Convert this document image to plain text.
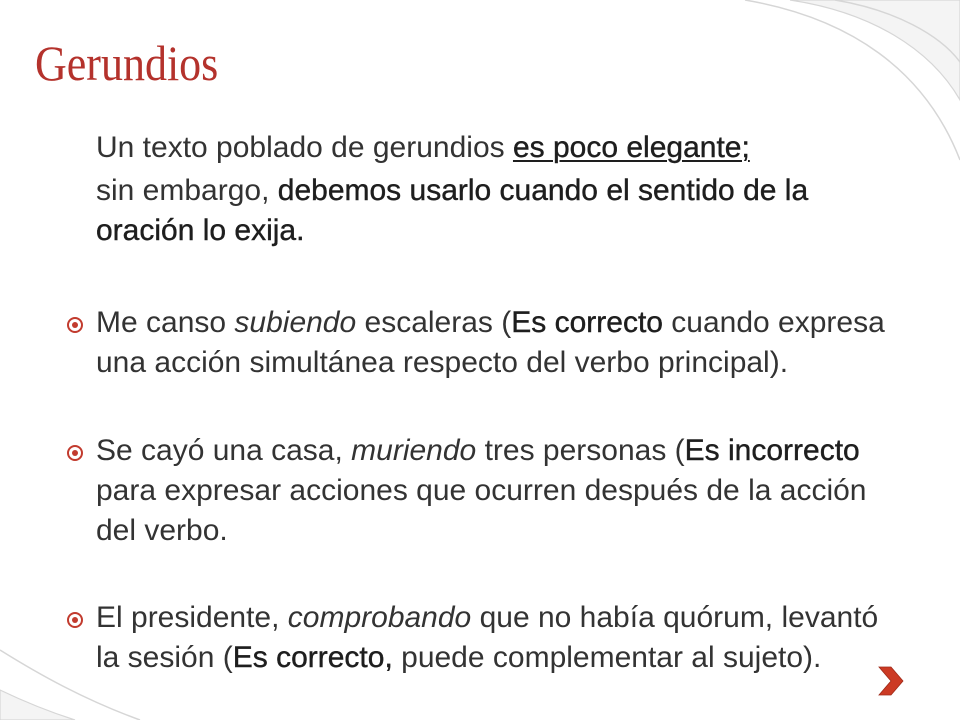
Gerundios
Un texto poblado de gerundios es poco elegante;
sin embargo, debemos usarlo cuando el sentido de la
oración lo exija.
Me canso subiendo escaleras (Es correcto cuando expresa
una acción simultánea respecto del verbo principal).
Se cayó una casa, muriendo tres personas (Es incorrecto
para expresar acciones que ocurren después de la acción
del verbo.
El presidente, comprobando que no había quórum, levantó
la sesión (Es correcto, puede complementar al sujeto).
